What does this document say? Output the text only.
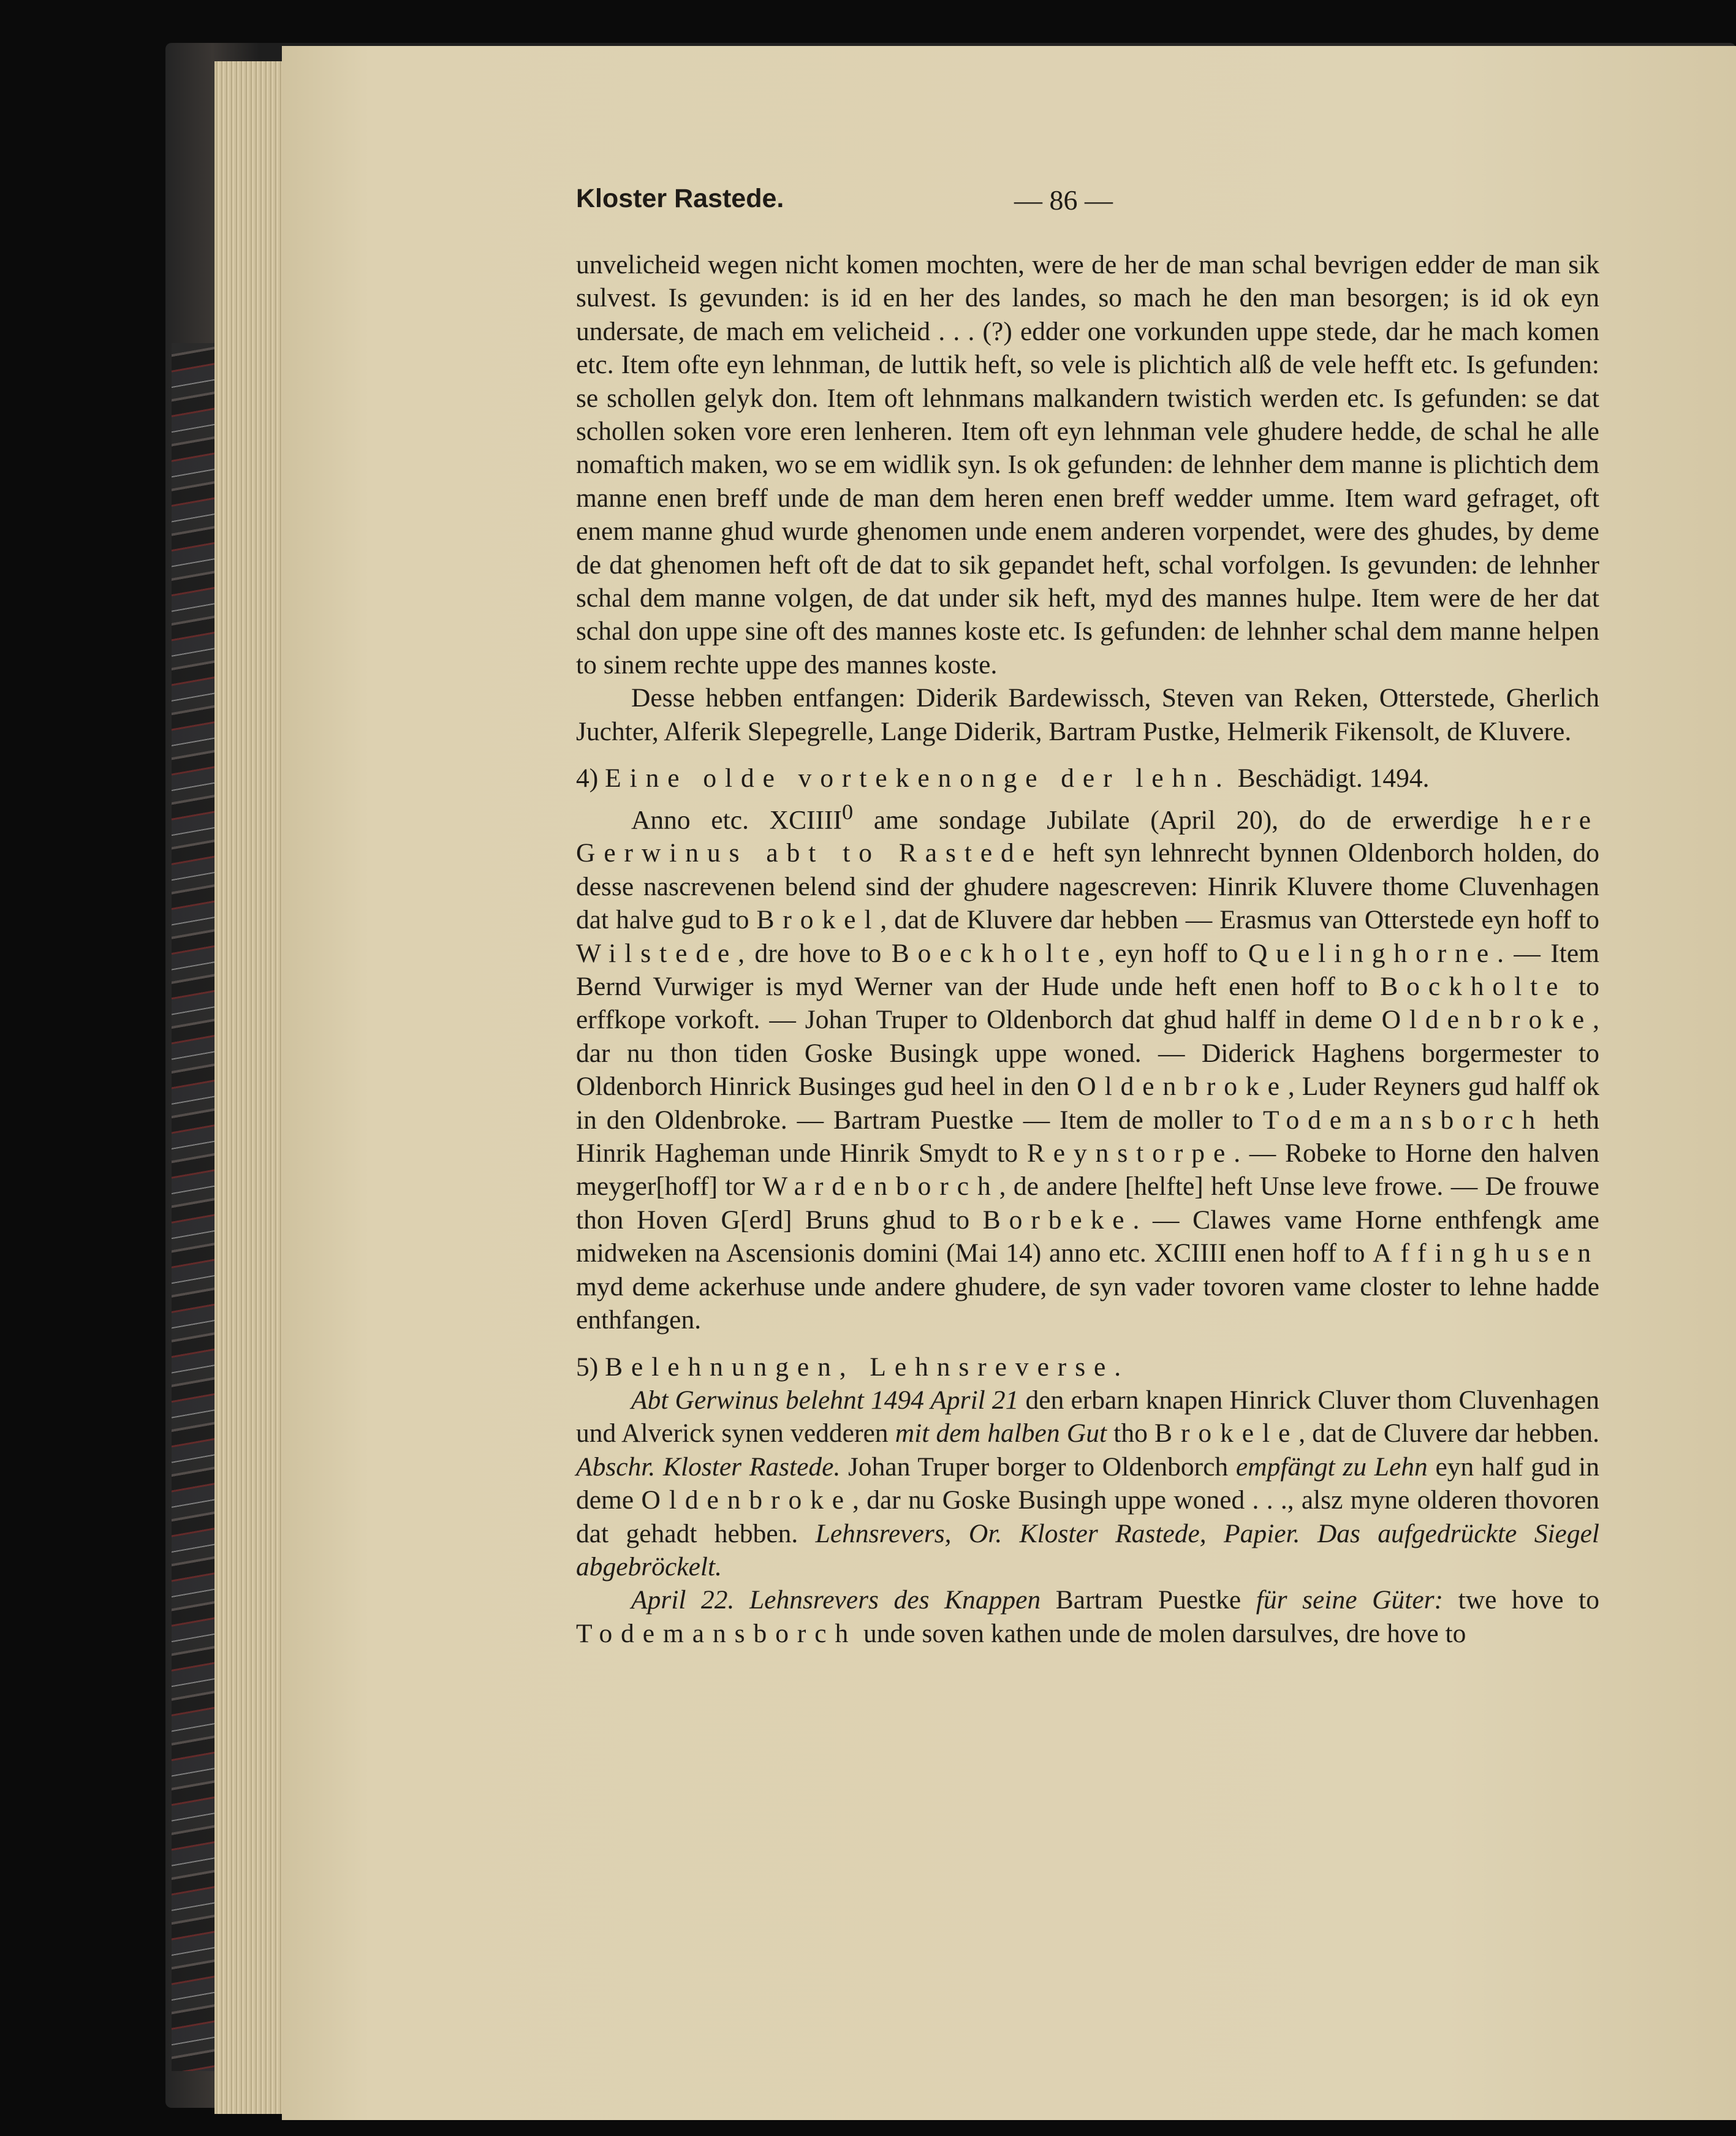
Kloster Rastede.	— 86 —

unvelicheid wegen nicht komen mochten, were de her de man schal bevrigen edder de man sik sulvest. Is gevunden: is id en her des landes, so mach he den man besorgen; is id ok eyn undersate, de mach em velicheid . . . (?) edder one vorkunden uppe stede, dar he mach komen etc. Item ofte eyn lehnman, de luttik heft, so vele is plichtich alß de vele hefft etc. Is gefunden: se schollen gelyk don. Item oft lehnmans malkandern twistich werden etc. Is gefunden: se dat schollen soken vore eren lenheren. Item oft eyn lehnman vele ghudere hedde, de schal he alle nomaftich maken, wo se em widlik syn. Is ok gefunden: de lehnher dem manne is plichtich dem manne enen breff unde de man dem heren enen breff wedder umme. Item ward gefraget, oft enem manne ghud wurde ghenomen unde enem anderen vorpendet, were des ghudes, by deme de dat ghenomen heft oft de dat to sik gepandet heft, schal vorfolgen. Is gevunden: de lehnher schal dem manne volgen, de dat under sik heft, myd des mannes hulpe. Item were de her dat schal don uppe sine oft des mannes koste etc. Is gefunden: de lehnher schal dem manne helpen to sinem rechte uppe des mannes koste.

Desse hebben entfangen: Diderik Bardewissch, Steven van Reken, Otterstede, Gherlich Juchter, Alferik Slepegrelle, Lange Diderik, Bartram Pustke, Helmerik Fikensolt, de Kluvere.

4) Eine olde vortekenonge der lehn. Beschädigt. 1494.

Anno etc. XCIIII$^0$ ame sondage Jubilate (April 20), do de erwerdige here Gerwinus abt to Rastede heft syn lehnrecht bynnen Oldenborch holden, do desse nascrevenen belend sind der ghudere nagescreven: Hinrik Kluvere thome Cluvenhagen dat halve gud to Brokel, dat de Kluvere dar hebben — Erasmus van Otterstede eyn hoff to Wilstede, dre hove to Boeckholte, eyn hoff to Quelinghorne. — Item Bernd Vurwiger is myd Werner van der Hude unde heft enen hoff to Bockholte to erffkope vorkoft. — Johan Truper to Oldenborch dat ghud halff in deme Oldenbroke, dar nu thon tiden Goske Busingk uppe woned. — Diderick Haghens borgermester to Oldenborch Hinrick Businges gud heel in den Oldenbroke, Luder Reyners gud halff ok in den Oldenbroke. — Bartram Puestke — Item de moller to Todemansborch heth Hinrik Hagheman unde Hinrik Smydt to Reynstorpe. — Robeke to Horne den halven meyger[hoff] tor Wardenborch, de andere [helfte] heft Unse leve frowe. — De frouwe thon Hoven G[erd] Bruns ghud to Borbeke. — Clawes vame Horne enthfengk ame midweken na Ascensionis domini (Mai 14) anno etc. XCIIII enen hoff to Affinghusen myd deme ackerhuse unde andere ghudere, de syn vader tovoren vame closter to lehne hadde enthfangen.

5) Belehnungen, Lehnsreverse.

Abt Gerwinus belehnt 1494 April 21 den erbarn knapen Hinrick Cluver thom Cluvenhagen und Alverick synen vedderen mit dem halben Gut tho Brokele, dat de Cluvere dar hebben. Abschr. Kloster Rastede. Johan Truper borger to Oldenborch empfängt zu Lehn eyn half gud in deme Oldenbroke, dar nu Goske Busingh uppe woned . . ., alsz myne olderen thovoren dat gehadt hebben. Lehnsrevers, Or. Kloster Rastede, Papier. Das aufgedrückte Siegel abgebröckelt.

April 22. Lehnsrevers des Knappen Bartram Puestke für seine Güter: twe hove to Todemansborch unde soven kathen unde de molen darsulves, dre hove to
